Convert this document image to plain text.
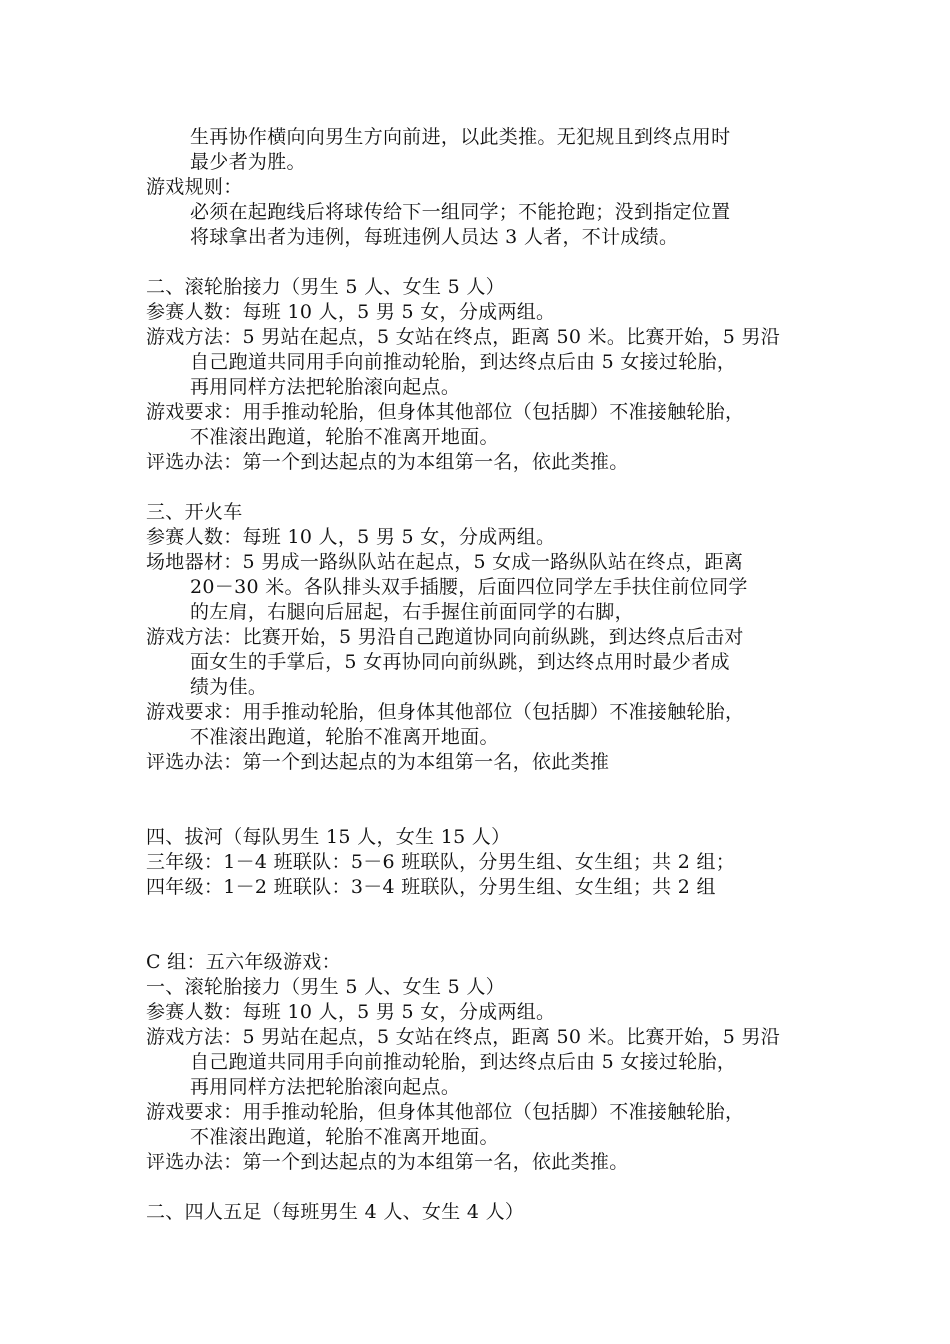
生再协作横向向男生方向前进，以此类推。无犯规且到终点用时
最少者为胜。
游戏规则：
必须在起跑线后将球传给下一组同学；不能抢跑；没到指定位置
将球拿出者为违例，每班违例人员达 3 人者，不计成绩。
二、滚轮胎接力（男生 5 人、女生 5 人）
参赛人数：每班 10 人，5 男 5 女，分成两组。
游戏方法：5 男站在起点，5 女站在终点，距离 50 米。比赛开始，5 男沿
自己跑道共同用手向前推动轮胎，到达终点后由 5 女接过轮胎，
再用同样方法把轮胎滚向起点。
游戏要求：用手推动轮胎，但身体其他部位（包括脚）不准接触轮胎，
不准滚出跑道，轮胎不准离开地面。
评选办法：第一个到达起点的为本组第一名，依此类推。
三、开火车
参赛人数：每班 10 人，5 男 5 女，分成两组。
场地器材：5 男成一路纵队站在起点，5 女成一路纵队站在终点，距离
20－30 米。各队排头双手插腰，后面四位同学左手扶住前位同学
的左肩，右腿向后屈起，右手握住前面同学的右脚，
游戏方法：比赛开始，5 男沿自己跑道协同向前纵跳，到达终点后击对
面女生的手掌后，5 女再协同向前纵跳，到达终点用时最少者成
绩为佳。
游戏要求：用手推动轮胎，但身体其他部位（包括脚）不准接触轮胎，
不准滚出跑道，轮胎不准离开地面。
评选办法：第一个到达起点的为本组第一名，依此类推
四、拔河（每队男生 15 人，女生 15 人）
三年级：1－4 班联队：5－6 班联队，分男生组、女生组；共 2 组；
四年级：1－2 班联队：3－4 班联队，分男生组、女生组；共 2 组
C 组：五六年级游戏：
一、滚轮胎接力（男生 5 人、女生 5 人）
参赛人数：每班 10 人，5 男 5 女，分成两组。
游戏方法：5 男站在起点，5 女站在终点，距离 50 米。比赛开始，5 男沿
自己跑道共同用手向前推动轮胎，到达终点后由 5 女接过轮胎，
再用同样方法把轮胎滚向起点。
游戏要求：用手推动轮胎，但身体其他部位（包括脚）不准接触轮胎，
不准滚出跑道，轮胎不准离开地面。
评选办法：第一个到达起点的为本组第一名，依此类推。
二、四人五足（每班男生 4 人、女生 4 人）
